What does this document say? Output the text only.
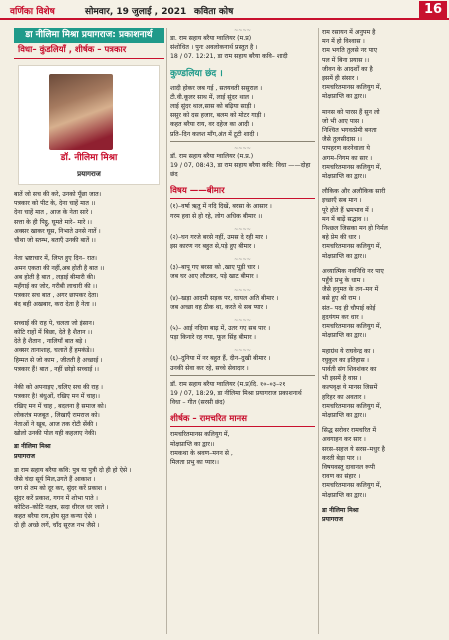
वर्णिका विशेष	सोमवार, 19 जुलाई , 2021 कविता कोष	16
डा नीलिमा मिश्रा प्रयागराज: प्रकाशनार्थ
विधा– कुंडलियाँ , शीर्षक – पत्रकार
डॉ. नीलिमा मिश्रा
प्रयागराज
बातें जो सच की करे, उनको पूँछा जात।
पत्रकार को पीट के, देना चाहें मात ।।
देना चाहें मात , आज के नेता सारे ।
सत्ता के ही पिट्ठू, घूमते मारे– मारे ।।
अक्सर खाकर घूस, निभाते उनसे नातें ।
चौथा जो स्तम्भ, बताएँ उनकी बातें ।।

नेता भ्रष्टाचार में, लिप्त हुए दिन– रात।
अमन एकता की नहीं,अब होती है बात ।।
अब होती है बात , लड़ाई बीमारी की।
महँगाई का जोर, गरीबी लाचारी की ।।
पत्रकार सच बात , अगर छापकर देता।
बंद बही अखबार, करा देता है नेता ।।

सच्चाई की राह पे, चलता जो इंसान।
कोटि राहों में बिछा, देते है शैतान ।।
देते है शैतान , नालियाँ बात बड़े ।
अक्सर तानाशाह, चलाते हैं हमकंडे।।
हिम्मत से जो काम , जीतती है अच्छाई ।
पत्रकार हैं! बात , नहीं छोड़ो सच्चाई ।।

नेकी को अपनाइए ,चलिए सच की राह ।
पत्रकार है! बंधुओं, रखिए मन में चाह।।
रखिए मन में चाह , बदलना है समाज को।
लोकतंत्र मजबूत , लिखाएँ रामराज को।
नेताओं ने खूब, आज तक रोटी सेंकी ।
खोलो उनकी पोल यही कहलाए नेकी।
डा नीलिमा मिश्रा
प्रयागराज
डा राम सहाय बरैया कवि: पुत्र या पुत्री दो ही हो ऐसे ।
जैसे चंदा सूर्य मिल,उगते हैं आकाश ।
जग से तम को दूर कर, सुंदर करें प्रकाश ।
सुंदर करें प्रकाश, गगन में शोभा पाते ।
कोटिश–कोटि नक्षत्र, सदा धीरज धर जाते ।
कहत बरैया राय,होय सुत कन्या ऐसे ।
दो ही अच्छे लगें, चाँद सूरज नभ जैसे ।
~~~~
डा. राम सहाय बरैया ग्वालियर (म.प्र)
संशोधित । पुनः अवलोकनार्थ प्रस्तुत है ।
18 / 07. 12:21, डा राम सहाय बरैया कवि– शादी
कुण्डलिया छंद ।
शादी होकर जब गई , सतयवती ससुराल ।
टी.वी.कूलर साथ में, लाई सुंदर थाल ।
लाई सुंदर थाल,सास को बढ़िया साड़ी ।
ससुर को दस हजार, बलम को मोटर गाड़ी ।
कहत बरैया राय, वर दहेज का आदी ।
प्रति–दिन कलश माँग,अंत में टूटी शादी ।
~~~~
डॉ. राम सहाय बरैया ग्वालियर (म.प्र.)
19 / 07, 08:43, डा राम सहाय बरैया कवि: विधा ——दोहा छंद
विषय ——बीमार
(१)–वर्षा ऋतु में नदि दिखें, बरसा के आसार ।
गरम हवा से हो रहे, लोग अधिक बीमार ।।
~~~~
(२)–घन गरजे बरसे नहीं, उमस दे रही मार ।
इस कारण नर बहुत से,पड़े हुए बीमार ।
~~~~
(३)–बापू गए बरसा को ,खाए पूड़ी चार ।
जब घर आए लौटकर, पड़े खाट बीमार ।
~~~~
(४)–खड़ा आदमी सड़क पर, घायल अति बीमार ।
जब अच्छा वह ठीक था, करते थे सब प्यार ।
~~~~
(५)– आई नदिया बाढ़ में, उतर गए सब पार ।
पड़ा किनारे रह गया, फूल सिंह बीमार ।
~~~~
(६)–दुनिया में नर बहुत हैं, दीन–दुखी बीमार ।
उनकी सेवा कर रहे, सच्चे सेवादार ।
डॉ. राम सहाय बरैया ग्वालियर (म.प्र)दि. १०–०३–२१
19 / 07, 18:29, डा नीलिमा मिश्रा प्रयागराज प्रकाशनार्थ
विधा – गीत (सरसी छंद)
शीर्षक – रामचरित मानस
रामचरितमानस कलियुग में,
मोक्षप्राप्ति का द्वार।।
रामकथा के श्रवण–मनन से ,
मिलता प्रभु का प्यार।।
राम रसायन में अनुपम है
मन में हो विश्वास ।
राम भगति तुलसे नर पाए
पल में बिना प्रयास ।।
जीवन के आदर्शों का है
इसमें ही संसार ।
रामचरितमानस कलियुग में,
मोक्षप्राप्ति का द्वार।।
मानस को पारस हैं सुन लो
जो भी आए पास ।
निश्चित भगवत्प्रेमी बनता
जैसे तुलसीदास ।।
पापहरण करनेवाला ये
अगम–निगम का सार ।
रामचरितमानस कलियुग में,
मोक्षप्राप्ति का द्वार।।
लौकिक और अलौकिक सारी
इच्छाएँ सब मान ।
पूरे होते हैं भ्रमभाव में ।
मन में बाढ़ें सद्भाव ।।
निश्छल जिसका मन हो निर्मल
बहे प्रेम की धार ।
रामचरितमानस कलियुग में,
मोक्षप्राप्ति का द्वार।।
अध्यात्मिक नवनिधि नर पाए
पहुँचे प्रभु के धाम ।
जैसे हनुमत के तन–मन में
बसे हुए श्री राम ।
संत– पद ही चौपाई कोई
हृदयंगम कर धार ।
रामचरितमानस कलियुग में,
मोक्षप्राप्ति का द्वार।।
महाग्रंथ ये राघवेन्द्र का ।
रघुकुल का इतिहास ।
पार्वती संग शिवशंकर का
भी इसमें है वास ।
कल्पवृक्ष ये मानस जिसमें
हरिहर का अवतार ।
रामचरितमानस कलियुग में,
मोक्षप्राप्ति का द्वार।।
सिद्ध सरोवर रामचरित में
अवगाहन कर सार ।
सरस–सहज ये सरस–मधुर है
करती बेड़ा पार ।।
विषयवस्तु दावानल रूपी
रावण का संहार ।
रामचरितमानस कलियुग में,
मोक्षप्राप्ति का द्वार।।
डा नीलिमा मिश्रा
प्रयागराज
